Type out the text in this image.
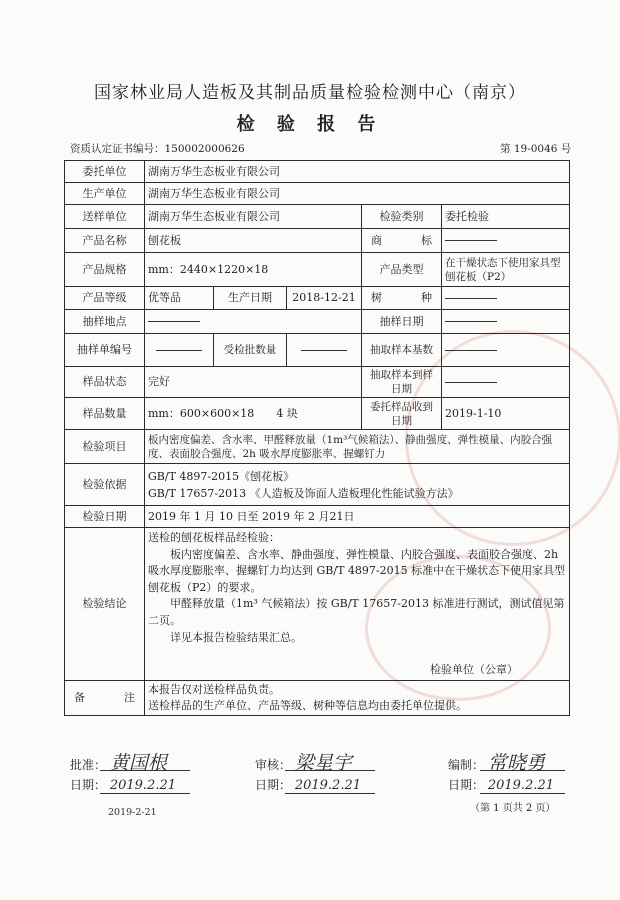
国家林业局人造板及其制品质量检验检测中心（南京）
检 验 报 告
资质认定证书编号：150002000626	第 19-0046 号
委托单位	湖南万华生态板业有限公司				
生产单位	湖南万华生态板业有限公司				
送样单位	湖南万华生态板业有限公司			检验类别	委托检验
产品名称	刨花板			商　标	
产品规格	mm：2440×1220×18			产品类型	在干燥状态下使用家具型刨花板（P2）
产品等级	优等品	生产日期	2018-12-21	树　种	
抽样地点				抽样日期	
抽样单编号		受检批数量		抽取样本基数	
样品状态	完好			抽取样本到样日期	
样品数量	mm：600×600×18　　4 块			委托样品收到日期	2019-1-10
检验项目	板内密度偏差、含水率、甲醛释放量（1m³气候箱法）、静曲强度、弹性模量、内胶合强度、表面胶合强度、2h 吸水厚度膨胀率、握螺钉力				
检验依据	GB/T 4897-2015《刨花板》
GB/T 17657-2013 《人造板及饰面人造板理化性能试验方法》				

检验日期	2019 年 1 月 10 日至 2019 年 2 月21日				
检验结论	送检的刨花板样品经检验：

板内密度偏差、含水率、静曲强度、弹性模量、内胶合强度、表面胶合强度、2h 吸水厚度膨胀率、握螺钉力均达到 GB/T 4897-2015 标准中在干燥状态下使用家具型刨花板（P2）的要求。

甲醛释放量（1m³ 气候箱法）按 GB/T 17657-2013 标准进行测试，测试值见第二页。

详见本报告检验结果汇总。

检验单位（公章）				

备　注	本报告仅对送检样品负责。
送检样品的生产单位、产品等级、树种等信息均由委托单位提供。				
批准： 黄国根	审核： 梁星宇	编制： 常晓勇
日期： 2019.2.21	日期： 2019.2.21	日期： 2019.2.21
（第 1 页共 2 页）
2019-2-21
